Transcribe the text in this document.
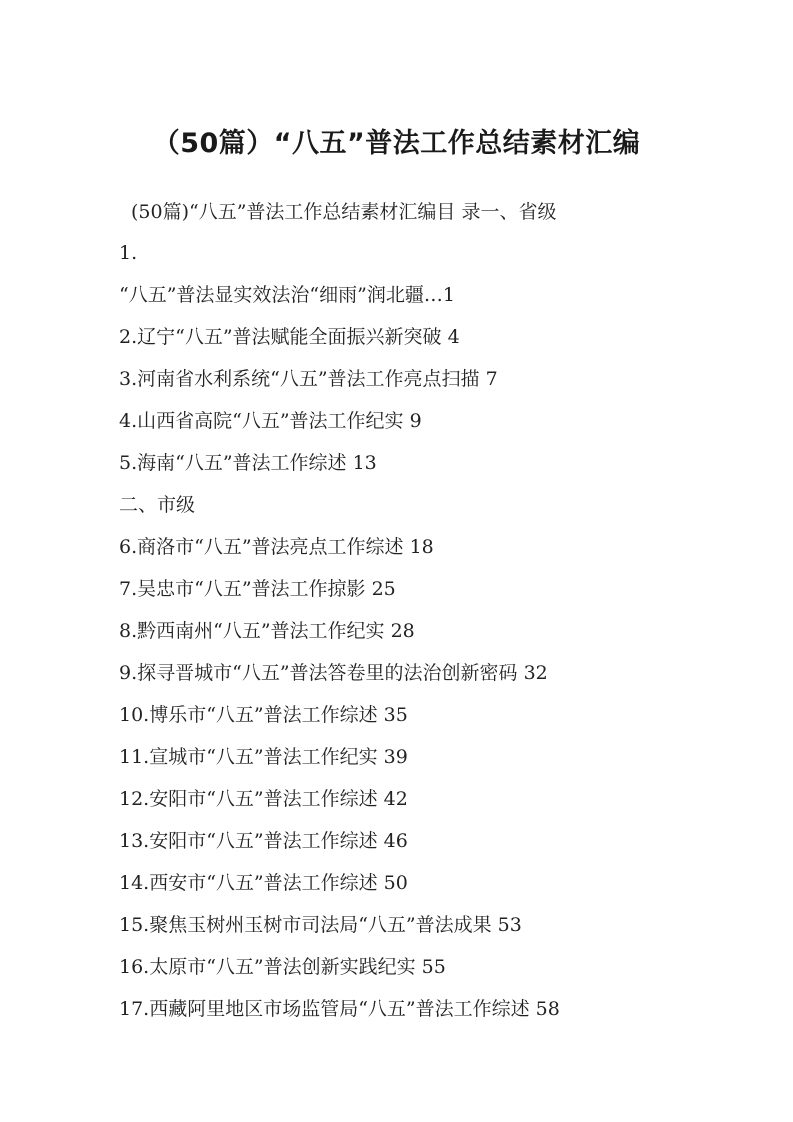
（50篇）“八五”普法工作总结素材汇编
(50篇)“八五”普法工作总结素材汇编目 录一、省级
1.
“八五”普法显实效法治“细雨”润北疆…1
2.辽宁“八五”普法赋能全面振兴新突破 4
3.河南省水利系统“八五”普法工作亮点扫描 7
4.山西省高院“八五”普法工作纪实 9
5.海南“八五”普法工作综述 13
二、市级
6.商洛市“八五”普法亮点工作综述 18
7.吴忠市“八五”普法工作掠影 25
8.黔西南州“八五”普法工作纪实 28
9.探寻晋城市“八五”普法答卷里的法治创新密码 32
10.博乐市“八五”普法工作综述 35
11.宣城市“八五”普法工作纪实 39
12.安阳市“八五”普法工作综述 42
13.安阳市“八五”普法工作综述 46
14.西安市“八五”普法工作综述 50
15.聚焦玉树州玉树市司法局“八五”普法成果 53
16.太原市“八五”普法创新实践纪实 55
17.西藏阿里地区市场监管局“八五”普法工作综述 58
